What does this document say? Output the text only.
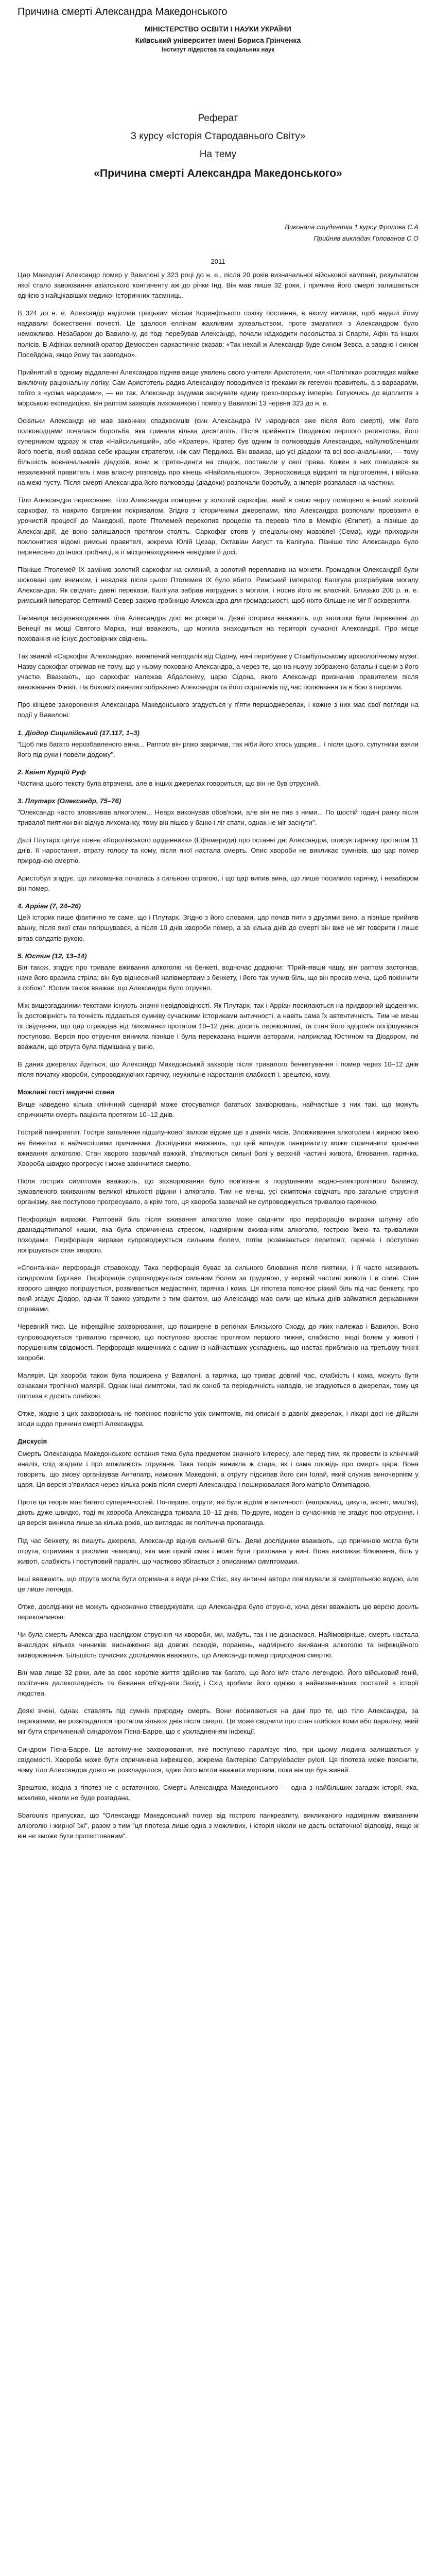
Причина смерті Александра Македонського
МІНІСТЕРСТВО ОСВІТИ І НАУКИ УКРАЇНИ
Київський університет імені Бориса Грінченка
Інститут лідерства та соціальних наук
Реферат
З курсу «Історія Стародавнього Світу»
На тему
«Причина смерті Александра Македонського»
Виконала студентка 1 курсу Фролова Є.А
Прийняв викладач Голованов С.О
2011

Цар Македонії Александр помер у Вавилоні у 323 році до н. е., після 20 років визначальної військової кампанії, результатом якої стало завоювання азіатського континенту аж до річки Інд. Він мав лише 32 роки, і причина його смерті залишається однією з найцікавіших медико- історичних таємниць.

В 324 до н. е. Александр надіслав грецьким містам Коринфського союзу послання, в якому вимагав, щоб надалі йому надавали божественні почесті. Це здалося еллінам жахливим зухвальством, проте змагатися з Александром було неможливо. Незабаром до Вавилону, де тоді перебував Александр, почали надходити посольства зі Спарти, Афін та інших полісів. В Афінах великий оратор Демосфен саркастично сказав: «Так нехай ж Александр буде сином Зевса, а заодно і сином Посейдона, якщо йому так завгодно».

Прийнятий в одному віддаленні Александра підняв вище уявлень свого учителя Аристотеля, чия «Політика» розглядає майже виключну раціональну логіку. Сам Аристотель радив Александру поводитися із греками як гегемон правитель, а з варварами, тобто з «усіма народами», — не так. Александр задумав заснувати єдину греко-перську імперію. Готуючись до відплиття з морською експедицією, він раптом захворів лихоманкою і помер у Вавилоні 13 червня 323 до н. е.

Оскільки Александр не мав законних спадкоємців (син Александра IV народився вже після його смерті), між його полководцями почалася боротьба, яка тривала кілька десятиліть. Після прийняття Пердикою першого регентства, його суперником одразу ж став «Найсильніший», або «Кратер». Кратер був одним із полководців Александра, найулюбленіших його поетів, який вважав себе кращим стратегом, ніж сам Пердикка. Він вважав, що усі діадохи та всі воєначальники, — тому більшість воєначальників діадохів, вони ж претенденти на спадок, поставили у свої права. Кожен з них поводився як незалежний правитель і мав власну розповідь про кінець «Найсильнішого». Зерносховища відкриті та підготовлені, і війська на межі пусту. Після смерті Александра його полководці (діадохи) розпочали боротьбу, а імперія розпалася на частини.

Тіло Александра переховане, тіло Александра поміщене у золотий саркофаг, який в свою чергу поміщено в інший золотий саркофаг, та накрито багряним покривалом. Згідно з історичними джерелами, тіло Александра розпочали провозити в урочистій процесії до Македонії, проте Птолемей перехопив процесію та перевіз тіло в Мемфіс (Єгипет), а пізніше до Александрії, де воно залишалося протягом століть. Саркофаг стояв у спеціальному мавзолеї (Сема), куди приходили поклонитися відомі римські правителі, зокрема Юлій Цезар, Октавіан Август та Калігула. Пізніше тіло Александра було перенесено до іншої гробниці, а її місцезнаходження невідоме й досі.

Пізніше Птолемей IX замінив золотий саркофаг на скляний, а золотий переплавив на монети. Громадяни Олександрії були шоковані цим вчинком, і невдовзі після цього Птолемея IX було вбито. Римський імператор Калігула розграбував могилу Александра. Як свідчать давні перекази, Калігула забрав нагрудник з могили, і носив його як власний. Близько 200 р. н. е. римський імператор Септимій Север закрив гробницю Александра для громадськості, щоб ніхто більше не міг її оскверняти.

Таємниця місцезнаходження тіла Александра досі не розкрита. Деякі історики вважають, що залишки були перевезені до Венеції як мощі Святого Марка, інші вважають, що могила знаходиться на території сучасної Александрії. Про місце поховання не існує достовірних свідчень.

Так званий «Саркофаг Александра», виявлений неподалік від Сідону, нині перебуває у Стамбульському археологічному музеї. Назву саркофаг отримав не тому, що у ньому поховано Александра, а через те, що на ньому зображено батальні сцени з його участю. Вважають, що саркофаг належав Абдалоніму, царю Сідона, якого Александр призначив правителем після завоювання Фінікії. На бокових панелях зображено Александра та його соратників під час полювання та в бою з персами.

Про кінцеве захоронення Александра Македонського згадується у п'яти першоджерелах, і кожне з них має свої погляди на події у Вавилоні:

1. Діодор Сицилійський (17.117, 1–3)

"Щоб пив багато нерозбавленого вина... Раптом він різко закричав, так ніби його хтось ударив... і після цього, супутники взяли його під руки і повели додому".

2. Квінт Курцій Руф

Частина цього тексту була втрачена, але в інших джерелах говориться, що він не був отруєний.

3. Плутарх (Олександр, 75–76)

"Олександр часто зловживав алкоголем... Неарх виконував обов'язки, але він не пив з ними... По шостій годині ранку після тривалої пиятики він відчув лихоманку, тому він пішов у баню і ліг спати, однак не міг заснути".

Далі Плутарх цитує повне «Королівського щоденника» (Ефемериди) про останні дні Александра, описує гарячку протягом 11 днів, її наростання, втрату голосу та кому, після якої настала смерть. Опис хвороби не викликає сумнівів, що цар помер природною смертю.

Аристобул згадує, що лихоманка почалась з сильною спрагою, і що цар випив вина, що лише посилило гарячку, і незабаром він помер.

4. Арріан (7, 24–26)

Цей історик пише фактично те саме, що і Плутарх. Згідно з його словами, цар почав пити з друзями вино, а пізніше прийняв ванну, після якої стан погіршувався, а після 10 днів хвороби помер, а за кілька днів до смерті він вже не міг говорити і лише вітав солдатів рукою.

5. Юстин (12, 13–14)

Він також, згадує про тривале вживання алкоголю на бенкеті, водночас додаючи: "Прийнявши чашу, він раптом застогнав, наче його вразила стріла; він був віднесений напівмертвим з бенкету, і його так мучив біль, що він просив меча, щоб покінчити з собою". Юстин також вважає, що Александра було отруєно.

Між вищезгаданими текстами існують значні невідповідності. Як Плутарх, так і Арріан посилаються на придворний щоденник. Їх достовірність та точність піддається сумніву сучасними істориками античності, а навіть сама їх автентичність. Тим не менш їх свідчення, що цар страждав від лихоманки протягом 10–12 днів, досить переконливі, та стан його здоров'я погіршувався поступово. Версія про отруєння виникла пізніше і була переказана іншими авторами, наприклад Юстином та Діодором, які вважали, що отрута була підмішана у вино.

В даних джерелах йдеться, що Александр Македонський захворів після тривалого бенкетування і помер через 10–12 днів після початку хвороби, супроводжуючих гарячку, неухильне наростання слабкості і, зрештою, кому.

Можливі гості медичні стани

Вище наведено кілька клінічний сценарій може стосуватися багатьох захворювань, найчастіше з них такі, що можуть спричиняти смерть пацієнта протягом 10–12 днів.

Гострий панкреатит. Гостре запалення підшлункової залози відоме ще з давніх часів. Зловживання алкоголем і жирною їжею на бенкетах є найчастішими причинами. Дослідники вважають, що цей випадок панкреатиту може спричинити хронічне вживання алкоголю. Стан хворого зазвичай важкий, з'являються сильні болі у верхній частині живота, блювання, гарячка. Хвороба швидко прогресує і може закінчитися смертю.

Після гострих симптомів вважають, що захворювання було пов'язане з порушенням водно-електролітного балансу, зумовленого вживанням великої кількості рідини і алкоголю. Тим не менш, усі симптоми свідчать про загальне отруєння організму, яке поступово прогресувало, а крім того, ця хвороба зазвичай не супроводжується тривалою гарячкою.

Перфорація виразки. Раптовий біль після вживання алкоголю може свідчити про перфорацію виразки шлунку або дванадцятипалої кишки, яка була спричинена стресом, надмірним вживанням алкоголю, гострою їжею та тривалими походами. Перфорація виразки супроводжується сильним болем, потім розвивається перитоніт, гарячка і поступово погіршується стан хворого.

«Спонтанна» перфорація стравоходу. Така перфорація буває за сильного блювання після пиятики, і її часто називають синдромом Бургаве. Перфорація супроводжується сильним болем за грудиною, у верхній частині живота і в спині. Стан хворого швидко погіршується, розвивається медіастиніт, гарячка і кома. Ця гіпотеза пояснює різкий біль під час бенкету, про який згадує Діодор, однак її важко узгодити з тим фактом, що Александр мав сили ще кілька днів займатися державними справами.

Черевний тиф. Це інфекційне захворювання, що поширене в регіонах Близького Сходу, до яких належав і Вавилон. Воно супроводжується тривалою гарячкою, що поступово зростає протягом першого тижня, слабкістю, іноді болем у животі і порушенням свідомості. Перфорація кишечника є одним із найчастіших ускладнень, що настає приблизно на третьому тижні хвороби.

Малярія. Ця хвороба також була поширена у Вавилоні, а гарячка, що триває довгий час, слабкість і кома, можуть бути ознаками тропічної малярії. Однак інші симптоми, такі як озноб та періодичність нападів, не згадуються в джерелах, тому ця гіпотеза є досить слабкою.

Отже, жодне з цих захворювань не пояснює повністю усіх симптомів, які описані в давніх джерелах, і лікарі досі не дійшли згоди щодо причини смерті Александра.

Дискусія

Смерть Олександра Македонського остання тема була предметом значного інтересу, але перед тим, як провести із клінічний аналіз, слід згадати і про можливість отруєння. Така теорія виникла ж стара, як і сама оповідь про смерть царя. Вона говорить, що змову організував Антипатр, намісник Македонії, а отруту підсипав його син Іолай, який служив виночерпієм у царя. Ця версія зʼявилася через кілька років після смерті Александра і поширювалася його матір'ю Олімпіадою.

Проте ця теорія має багато суперечностей. По-перше, отрути, які були відомі в античності (наприклад, цикута, аконіт, миш'як), діють дуже швидко, тоді як хвороба Александра тривала 10–12 днів. По-друге, жоден із сучасників не згадує про отруєння, і ця версія виникла лише за кілька років, що виглядає як політична пропаганда.

Під час бенкету, як пишуть джерела, Александр відчув сильний біль. Деякі дослідники вважають, що причиною могла бути отрута, отримана з рослини чемериці, яка має гіркий смак і може бути прихована у вині. Вона викликає блювання, біль у животі, слабкість і поступовий параліч, що частково збігається з описаними симптомами.

Інші вважають, що отрута могла бути отримана з води річки Стікс, яку античні автори пов'язували зі смертельною водою, але це лише легенда.

Отже, дослідники не можуть однозначно стверджувати, що Александра було отруєно, хоча деякі вважають цю версію досить переконливою.

Чи була смерть Александра наслідком отруєння чи хвороби, ми, мабуть, так і не дізнаємося. Найімовірніше, смерть настала внаслідок кількох чинників: виснаження від довгих походів, поранень, надмірного вживання алкоголю та інфекційного захворювання. Більшість сучасних дослідників вважають, що Александр помер природною смертю.

Він мав лише 32 роки, але за своє коротке життя здійснив так багато, що його ім'я стало легендою. Його військовий геній, політична далекоглядність та бажання об'єднати Захід і Схід зробили його однією з найвизначніших постатей в історії людства.

Деякі вчені, однак, ставлять під сумнів природну смерть. Вони посилаються на дані про те, що тіло Александра, за переказами, не розкладалося протягом кількох днів після смерті. Це може свідчити про стан глибокої коми або паралічу, який міг бути спричинений синдромом Гієна-Барре, що є ускладненням інфекції.

Синдром Гієна-Барре. Це автоімунне захворювання, яке поступово паралізує тіло, при цьому людина залишається у свідомості. Хвороба може бути спричинена інфекцією, зокрема бактерією Campylobacter pylori. Ця гіпотеза може пояснити, чому тіло Александра довго не розкладалося, адже його могли вважати мертвим, поки він ще був живий.

Зрештою, жодна з гіпотез не є остаточною. Смерть Александра Македонського — одна з найбільших загадок історії, яка, можливо, ніколи не буде розгадана.

Sbarounis припускає, що "Олександр Македонський помер від гострого панкреатиту, викликаного надмірним вживанням алкоголю і жирної їжі", разом з тим "ця гіпотеза лише одна з можливих, і історія ніколи не дасть остаточної відповіді, якщо ж він не зможе бути протестованим".
